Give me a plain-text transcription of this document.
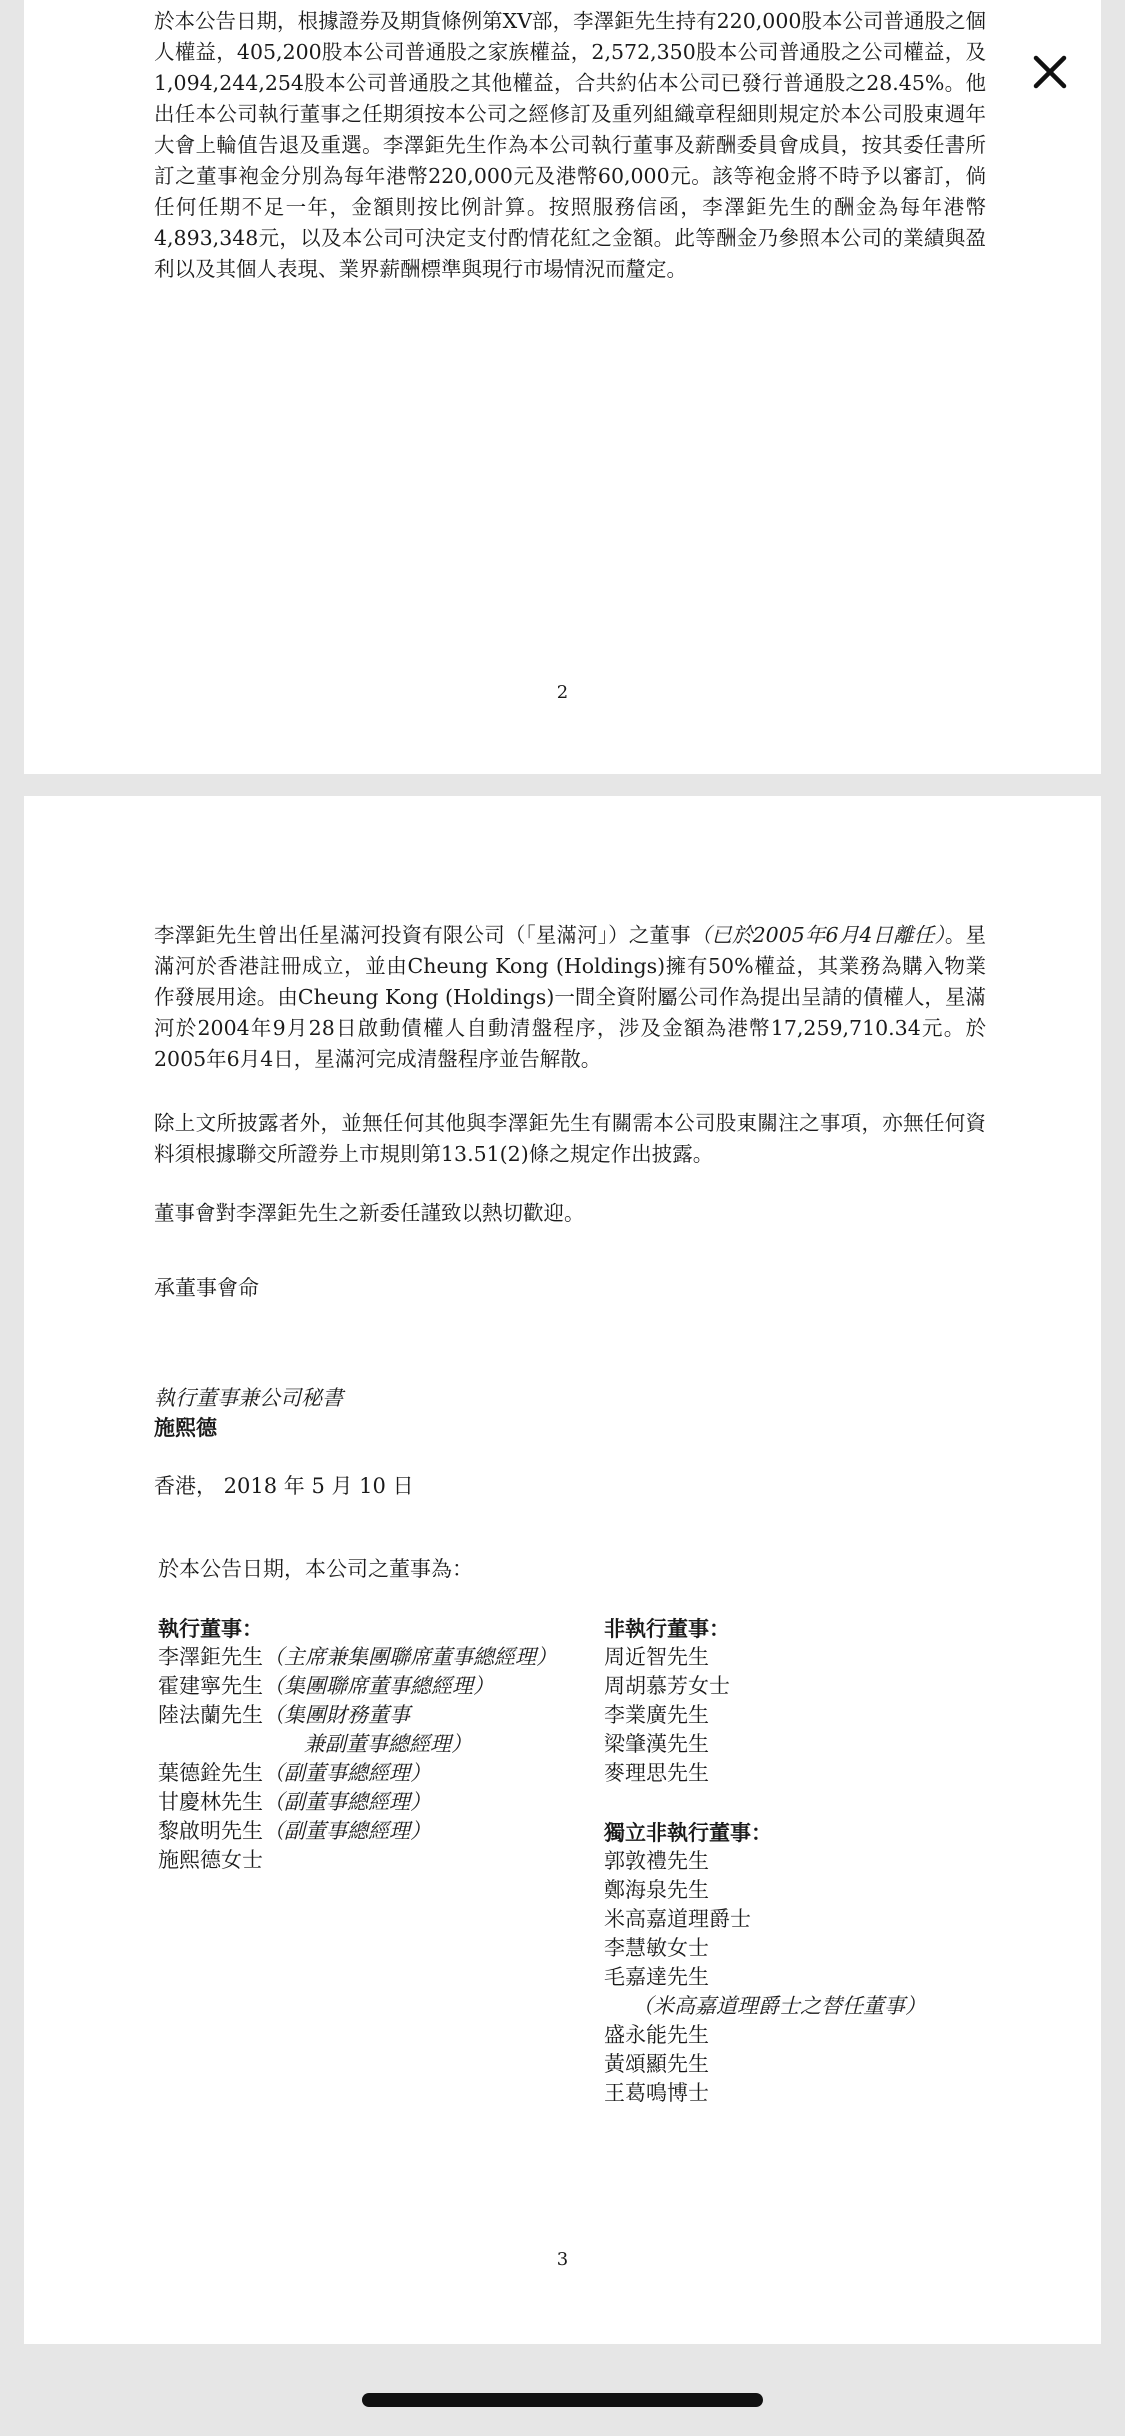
於本公告日期，根據證券及期貨條例第XV部，李澤鉅先生持有220,000股本公司普通股之個人權益，405,200股本公司普通股之家族權益，2,572,350股本公司普通股之公司權益，及1,094,244,254股本公司普通股之其他權益，合共約佔本公司已發行普通股之28.45%。他出任本公司執行董事之任期須按本公司之經修訂及重列組織章程細則規定於本公司股東週年大會上輪值告退及重選。李澤鉅先生作為本公司執行董事及薪酬委員會成員，按其委任書所訂之董事袍金分別為每年港幣220,000元及港幣60,000元。該等袍金將不時予以審訂，倘任何任期不足一年，金額則按比例計算。按照服務信函，李澤鉅先生的酬金為每年港幣4,893,348元，以及本公司可決定支付酌情花紅之金額。此等酬金乃參照本公司的業績與盈利以及其個人表現、業界薪酬標準與現行市場情況而釐定。

2

李澤鉅先生曾出任星滿河投資有限公司（「星滿河」）之董事（已於2005年6月4日離任）。星滿河於香港註冊成立，並由Cheung Kong (Holdings)擁有50%權益，其業務為購入物業作發展用途。由Cheung Kong (Holdings)一間全資附屬公司作為提出呈請的債權人，星滿河於2004年9月28日啟動債權人自動清盤程序，涉及金額為港幣17,259,710.34元。於2005年6月4日，星滿河完成清盤程序並告解散。

除上文所披露者外，並無任何其他與李澤鉅先生有關需本公司股東關注之事項，亦無任何資料須根據聯交所證券上市規則第13.51(2)條之規定作出披露。

董事會對李澤鉅先生之新委任謹致以熱切歡迎。

承董事會命
執行董事兼公司秘書
施熙德
香港， 2018 年 5 月 10 日
於本公告日期，本公司之董事為：
執行董事：
李澤鉅先生（主席兼集團聯席董事總經理）
霍建寧先生（集團聯席董事總經理）
陸法蘭先生（集團財務董事
兼副董事總經理）
葉德銓先生（副董事總經理）
甘慶林先生（副董事總經理）
黎啟明先生（副董事總經理）
施熙德女士
非執行董事：
周近智先生
周胡慕芳女士
李業廣先生
梁肇漢先生
麥理思先生
獨立非執行董事：
郭敦禮先生
鄭海泉先生
米高嘉道理爵士
李慧敏女士
毛嘉達先生
（米高嘉道理爵士之替任董事）
盛永能先生
黃頌顯先生
王葛鳴博士
3
